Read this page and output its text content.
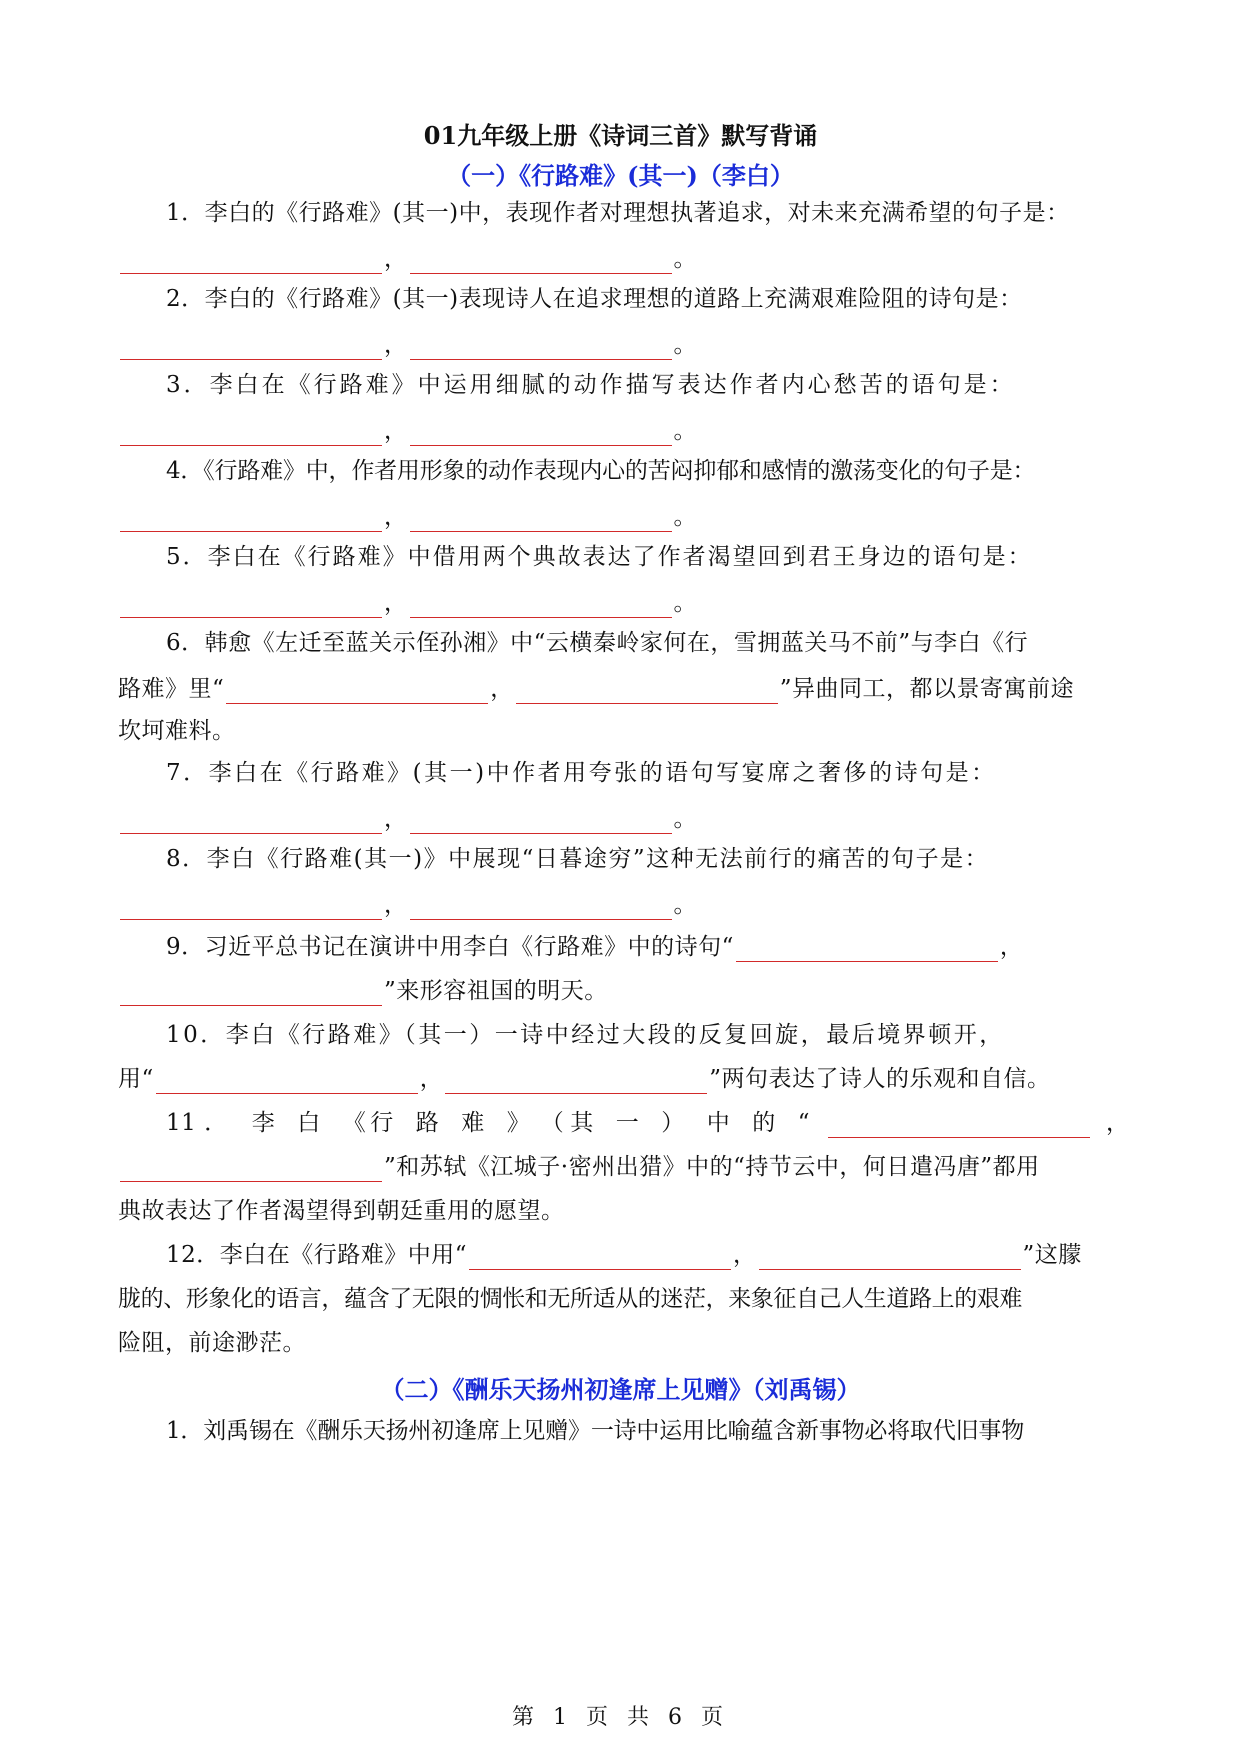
01九年级上册《诗词三首》默写背诵
（一）《行路难》(其一)（李白）
1．李白的《行路难》(其一)中，表现作者对理想执著追求，对未来充满希望的句子是：
，	。
2．李白的《行路难》(其一)表现诗人在追求理想的道路上充满艰难险阻的诗句是：
，	。
3．李白在《行路难》中运用细腻的动作描写表达作者内心愁苦的语句是：
，	。
4．《行路难》中，作者用形象的动作表现内心的苦闷抑郁和感情的激荡变化的句子是：
，	。
5．李白在《行路难》中借用两个典故表达了作者渴望回到君王身边的语句是：
，	。
6．韩愈《左迁至蓝关示侄孙湘》中“云横秦岭家何在，雪拥蓝关马不前”与李白《行
路难》里“	，	”异曲同工，都以景寄寓前途
坎坷难料。
7．李白在《行路难》(其一)中作者用夸张的语句写宴席之奢侈的诗句是：
，	。
8．李白《行路难(其一)》中展现“日暮途穷”这种无法前行的痛苦的句子是：
，	。
9．习近平总书记在演讲中用李白《行路难》中的诗句“	，
”来形容祖国的明天。
10．李白《行路难》（其一）一诗中经过大段的反复回旋，最后境界顿开，
用“	，	”两句表达了诗人的乐观和自信。
11 ． 李 白 《 行 路 难 》 （ 其 一 ） 中 的 “	，
”和苏轼《江城子·密州出猎》中的“持节云中，何日遣冯唐”都用
典故表达了作者渴望得到朝廷重用的愿望。
12．李白在《行路难》中用“	，	”这朦
胧的、形象化的语言，蕴含了无限的惆怅和无所适从的迷茫，来象征自己人生道路上的艰难
险阻，前途渺茫。
（二）《酬乐天扬州初逢席上见赠》（刘禹锡）
1．刘禹锡在《酬乐天扬州初逢席上见赠》一诗中运用比喻蕴含新事物必将取代旧事物
第 1 页 共 6 页
